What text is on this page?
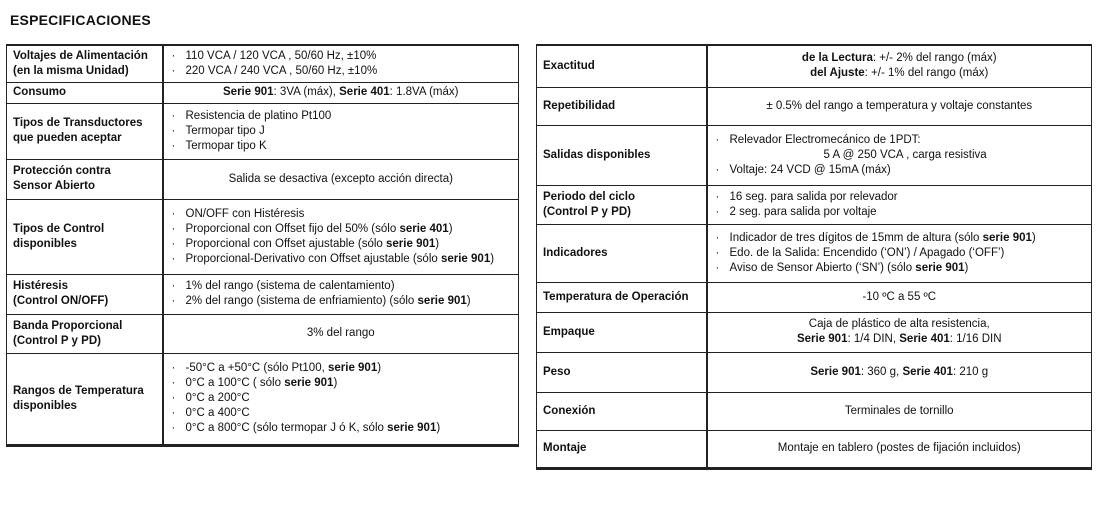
ESPECIFICACIONES
Voltajes de Alimentación
(en la misma Unidad)	· 110 VCA / 120 VCA , 50/60 Hz, ±10%
· 220 VCA / 240 VCA , 50/60 Hz, ±10%

Consumo	Serie 901: 3VA (máx), Serie 401: 1.8VA (máx)

Tipos de Transductores
que pueden aceptar	· Resistencia de platino Pt100
· Termopar tipo J
· Termopar tipo K

Protección contra
Sensor Abierto	Salida se desactiva (excepto acción directa)

Tipos de Control
disponibles	· ON/OFF con Histéresis
· Proporcional con Offset fijo del 50% (sólo serie 401)
· Proporcional con Offset ajustable (sólo serie 901)
· Proporcional-Derivativo con Offset ajustable (sólo serie 901)

Histéresis
(Control ON/OFF)	· 1% del rango (sistema de calentamiento)
· 2% del rango (sistema de enfriamiento) (sólo serie 901)

Banda Proporcional
(Control P y PD)	3% del rango

Rangos de Temperatura
disponibles	· -50°C a +50°C (sólo Pt100, serie 901)
· 0°C a 100°C ( sólo serie 901)
· 0°C a 200°C
· 0°C a 400°C
· 0°C a 800°C (sólo termopar J ó K, sólo serie 901)
Exactitud	de la Lectura: +/- 2% del rango (máx)
del Ajuste: +/- 1% del rango (máx)

Repetibilidad	± 0.5% del rango a temperatura y voltaje constantes
Salidas disponibles	· Relevador Electromecánico de 1PDT:
5 A @ 250 VCA , carga resistiva
· Voltaje: 24 VCD @ 15mA (máx)

Periodo del ciclo
(Control P y PD)	· 16 seg. para salida por relevador
· 2 seg. para salida por voltaje

Indicadores	· Indicador de tres dígitos de 15mm de altura (sólo serie 901)
· Edo. de la Salida: Encendido (‘ON’) / Apagado (‘OFF’)
· Aviso de Sensor Abierto (‘SN’) (sólo serie 901)

Temperatura de Operación	-10 ºC a 55 ºC
Empaque	Caja de plástico de alta resistencia,
Serie 901: 1/4 DIN, Serie 401: 1/16 DIN

Peso	Serie 901: 360 g, Serie 401: 210 g
Conexión	Terminales de tornillo
Montaje	Montaje en tablero (postes de fijación incluidos)
